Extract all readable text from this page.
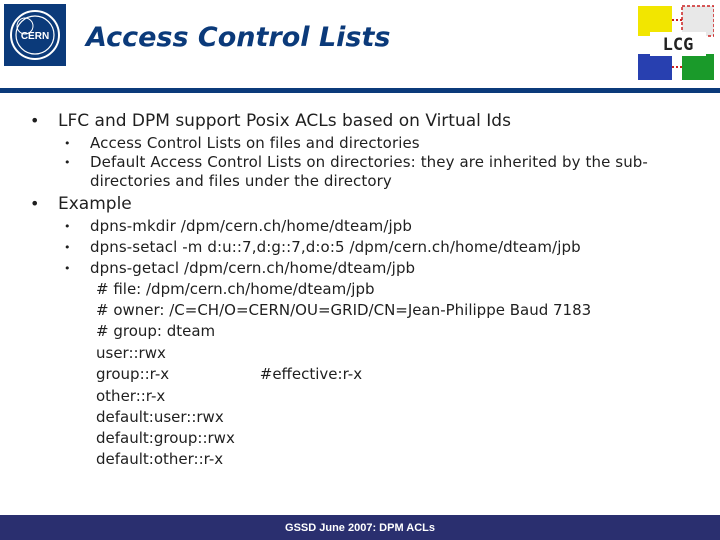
CERN Access Control Lists	LCG
• LFC and DPM support Posix ACLs based on Virtual Ids
• Access Control Lists on files and directories
• Default Access Control Lists on directories: they are inherited by the sub-
directories and files under the directory
• Example
• dpns-mkdir /dpm/cern.ch/home/dteam/jpb
• dpns-setacl -m d:u::7,d:g::7,d:o:5 /dpm/cern.ch/home/dteam/jpb
• dpns-getacl /dpm/cern.ch/home/dteam/jpb
# file: /dpm/cern.ch/home/dteam/jpb
# owner: /C=CH/O=CERN/OU=GRID/CN=Jean-Philippe Baud 7183
# group: dteam
user::rwx
group::r-x                   #effective:r-x
other::r-x
default:user::rwx
default:group::rwx
default:other::r-x
GSSD June 2007: DPM ACLs
